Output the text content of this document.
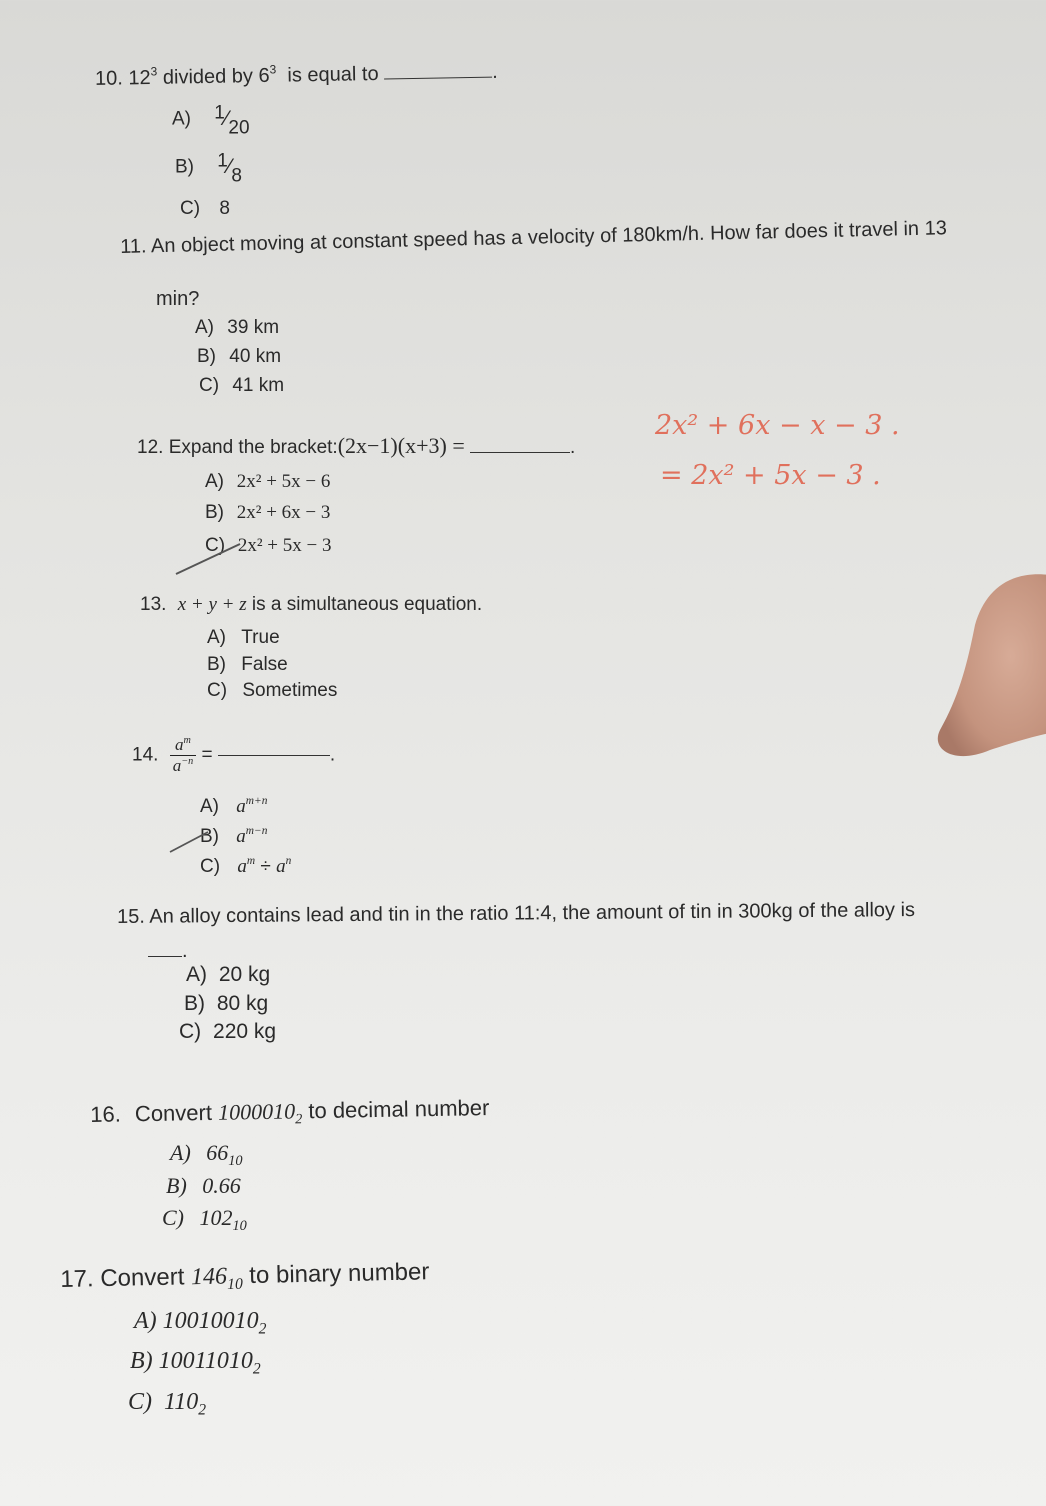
10. $12^3$ divided by $6^3$ is equal to	.
A) 1⁄20
B) 1⁄8
C) 8
11. An object moving at constant speed has a velocity of 180km/h. How far does it travel in 13
min?
A) 39 km
B) 40 km
C) 41 km
12. Expand the bracket:(2x−1)(x+3) =	.
A) 2x² + 5x − 6
B) 2x² + 6x − 3
C) 2x² + 5x − 3
2x² + 6x − x − 3 .
= 2x² + 5x − 3 .
13. x + y + z is a simultaneous equation.
A) True
B) False
C) Sometimes
14. $\frac{a^m}{a^{-n}}$ =	.
A) $a^{m+n}$
B) $a^{m-n}$
C) $a^m \div a^n$
15. An alloy contains lead and tin in the ratio 11:4, the amount of tin in 300kg of the alloy is
.
A) 20 kg
B) 80 kg
C) 220 kg
16. Convert $1000010_2$ to decimal number
A) $66_{10}$
B) 0.66
C) $102_{10}$
17. Convert $146_{10}$ to binary number
A) $10010010_2$
B) $10011010_2$
C) $110_2$
